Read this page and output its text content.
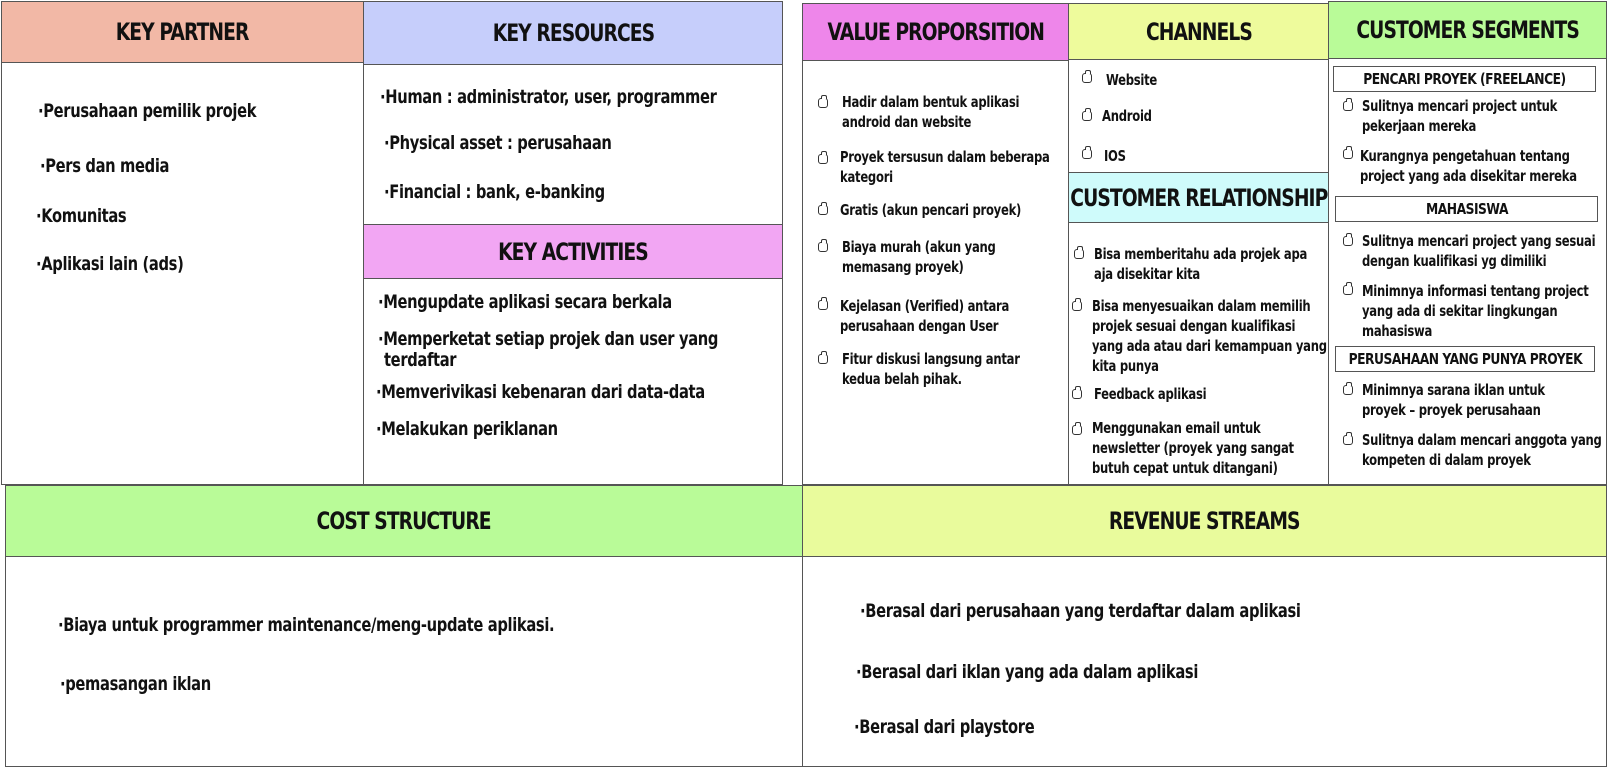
KEY PARTNER
·Perusahaan pemilik projek
·Pers dan media
·Komunitas
·Aplikasi lain (ads)
KEY RESOURCES
·Human : administrator, user, programmer
·Physical asset : perusahaan
·Financial : bank, e-banking
KEY ACTIVITIES
·Mengupdate aplikasi secara berkala
·Memperketat setiap projek dan user yang
terdaftar
·Memverivikasi kebenaran dari data-data
·Melakukan periklanan
VALUE PROPORSITION
Hadir dalam bentuk aplikasi
android dan website
Proyek tersusun dalam beberapa
kategori
Gratis (akun pencari proyek)
Biaya murah (akun yang
memasang proyek)
Kejelasan (Verified) antara
perusahaan dengan User
Fitur diskusi langsung antar
kedua belah pihak.
CHANNELS
Website
Android
IOS
CUSTOMER RELATIONSHIP
Bisa memberitahu ada projek apa
aja disekitar kita
Bisa menyesuaikan dalam memilih
projek sesuai dengan kualifikasi
yang ada atau dari kemampuan yang
kita punya
Feedback aplikasi
Menggunakan email untuk
newsletter (proyek yang sangat
butuh cepat untuk ditangani)
CUSTOMER SEGMENTS
PENCARI PROYEK (FREELANCE)
Sulitnya mencari project untuk
pekerjaan mereka
Kurangnya pengetahuan tentang
project yang ada disekitar mereka
MAHASISWA
Sulitnya mencari project yang sesuai
dengan kualifikasi yg dimiliki
Minimnya informasi tentang project
yang ada di sekitar lingkungan
mahasiswa
PERUSAHAAN YANG PUNYA PROYEK
Minimnya sarana iklan untuk
proyek – proyek perusahaan
Sulitnya dalam mencari anggota yang
kompeten di dalam proyek
COST STRUCTURE
·Biaya untuk programmer maintenance/meng-update aplikasi.
·pemasangan iklan
REVENUE STREAMS
·Berasal dari perusahaan yang terdaftar dalam aplikasi
·Berasal dari iklan yang ada dalam aplikasi
·Berasal dari playstore
